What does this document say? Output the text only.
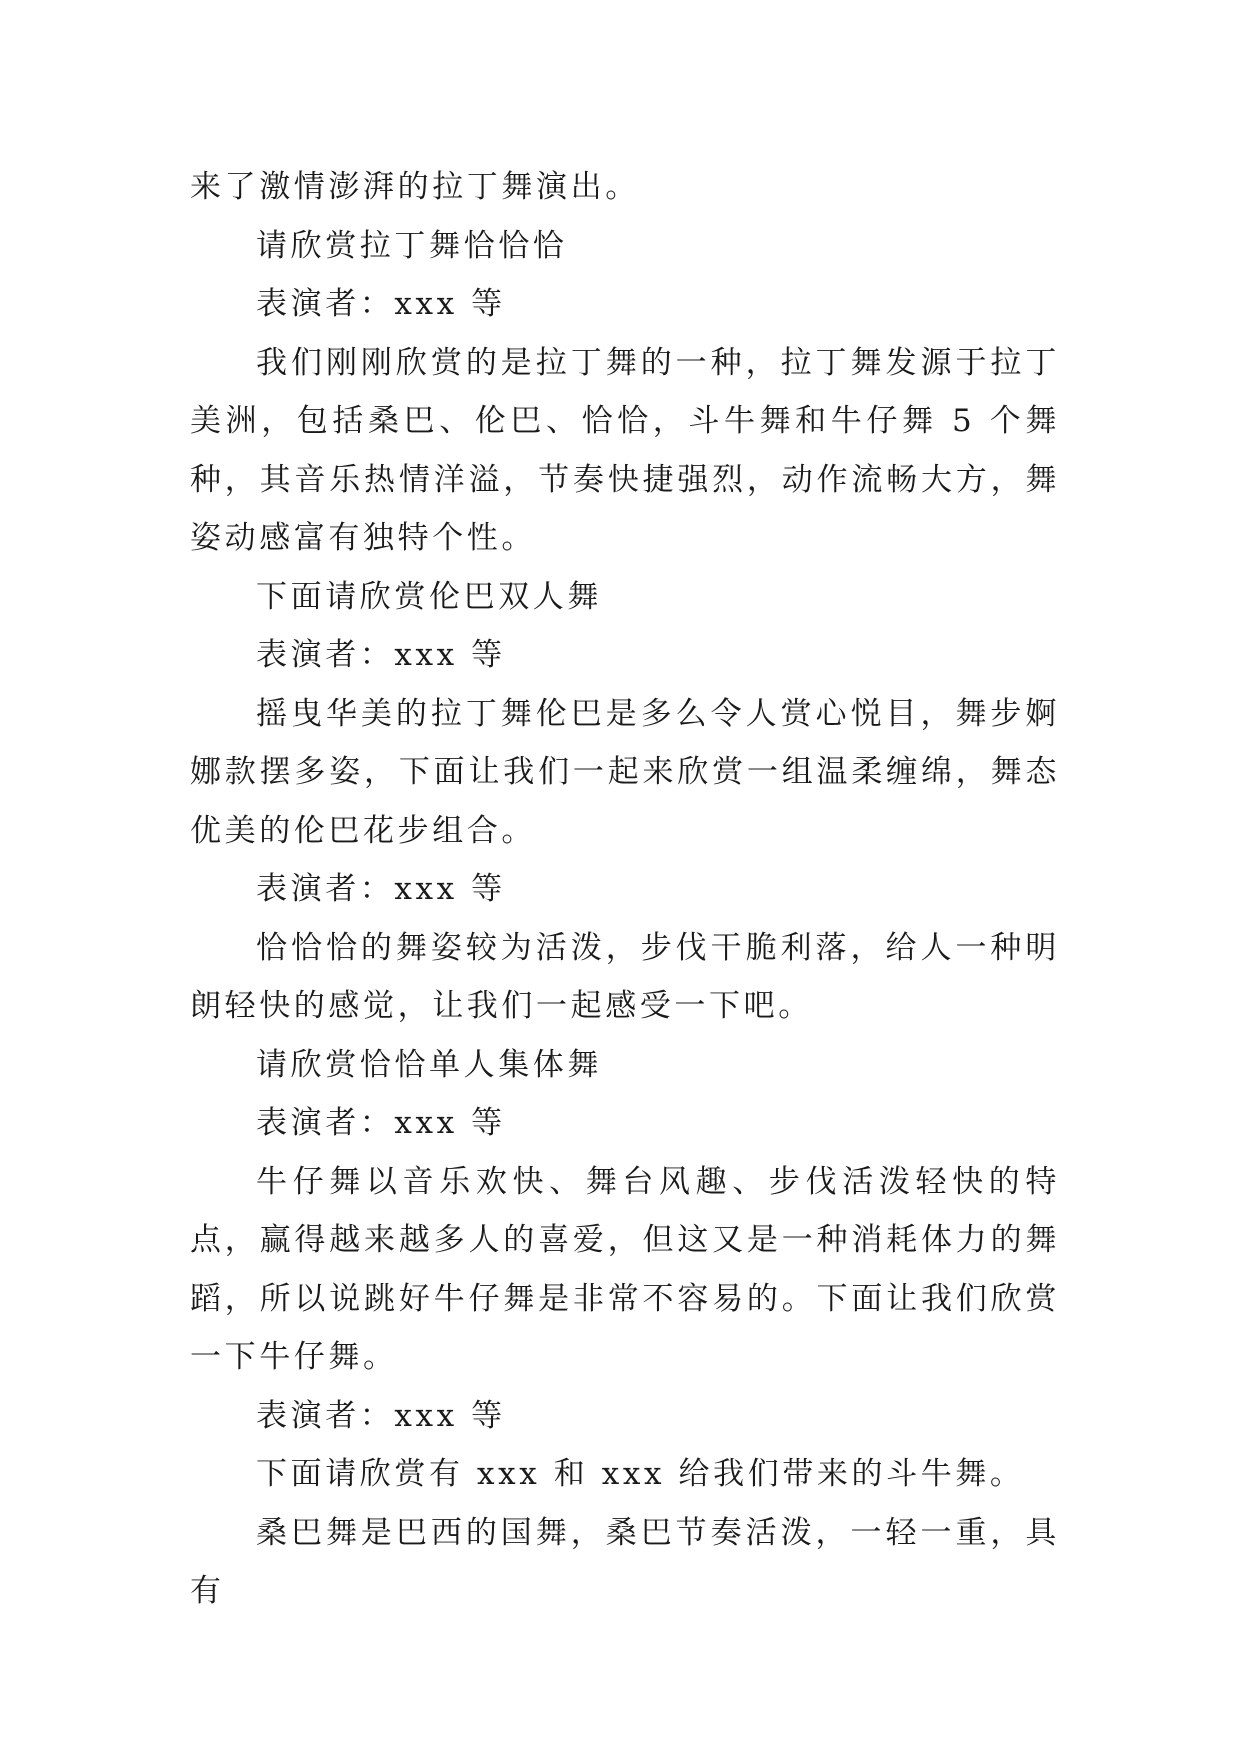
来了激情澎湃的拉丁舞演出。

请欣赏拉丁舞恰恰恰

表演者：xxx 等

我们刚刚欣赏的是拉丁舞的一种，拉丁舞发源于拉丁美洲，包括桑巴、伦巴、恰恰，斗牛舞和牛仔舞 5 个舞种，其音乐热情洋溢，节奏快捷强烈，动作流畅大方，舞姿动感富有独特个性。

下面请欣赏伦巴双人舞

表演者：xxx 等

摇曳华美的拉丁舞伦巴是多么令人赏心悦目，舞步婀娜款摆多姿，下面让我们一起来欣赏一组温柔缠绵，舞态优美的伦巴花步组合。

表演者：xxx 等

恰恰恰的舞姿较为活泼，步伐干脆利落，给人一种明朗轻快的感觉，让我们一起感受一下吧。

请欣赏恰恰单人集体舞

表演者：xxx 等

牛仔舞以音乐欢快、舞台风趣、步伐活泼轻快的特点，赢得越来越多人的喜爱，但这又是一种消耗体力的舞蹈，所以说跳好牛仔舞是非常不容易的。下面让我们欣赏一下牛仔舞。

表演者：xxx 等

下面请欣赏有 xxx 和 xxx 给我们带来的斗牛舞。

桑巴舞是巴西的国舞，桑巴节奏活泼，一轻一重，具有
